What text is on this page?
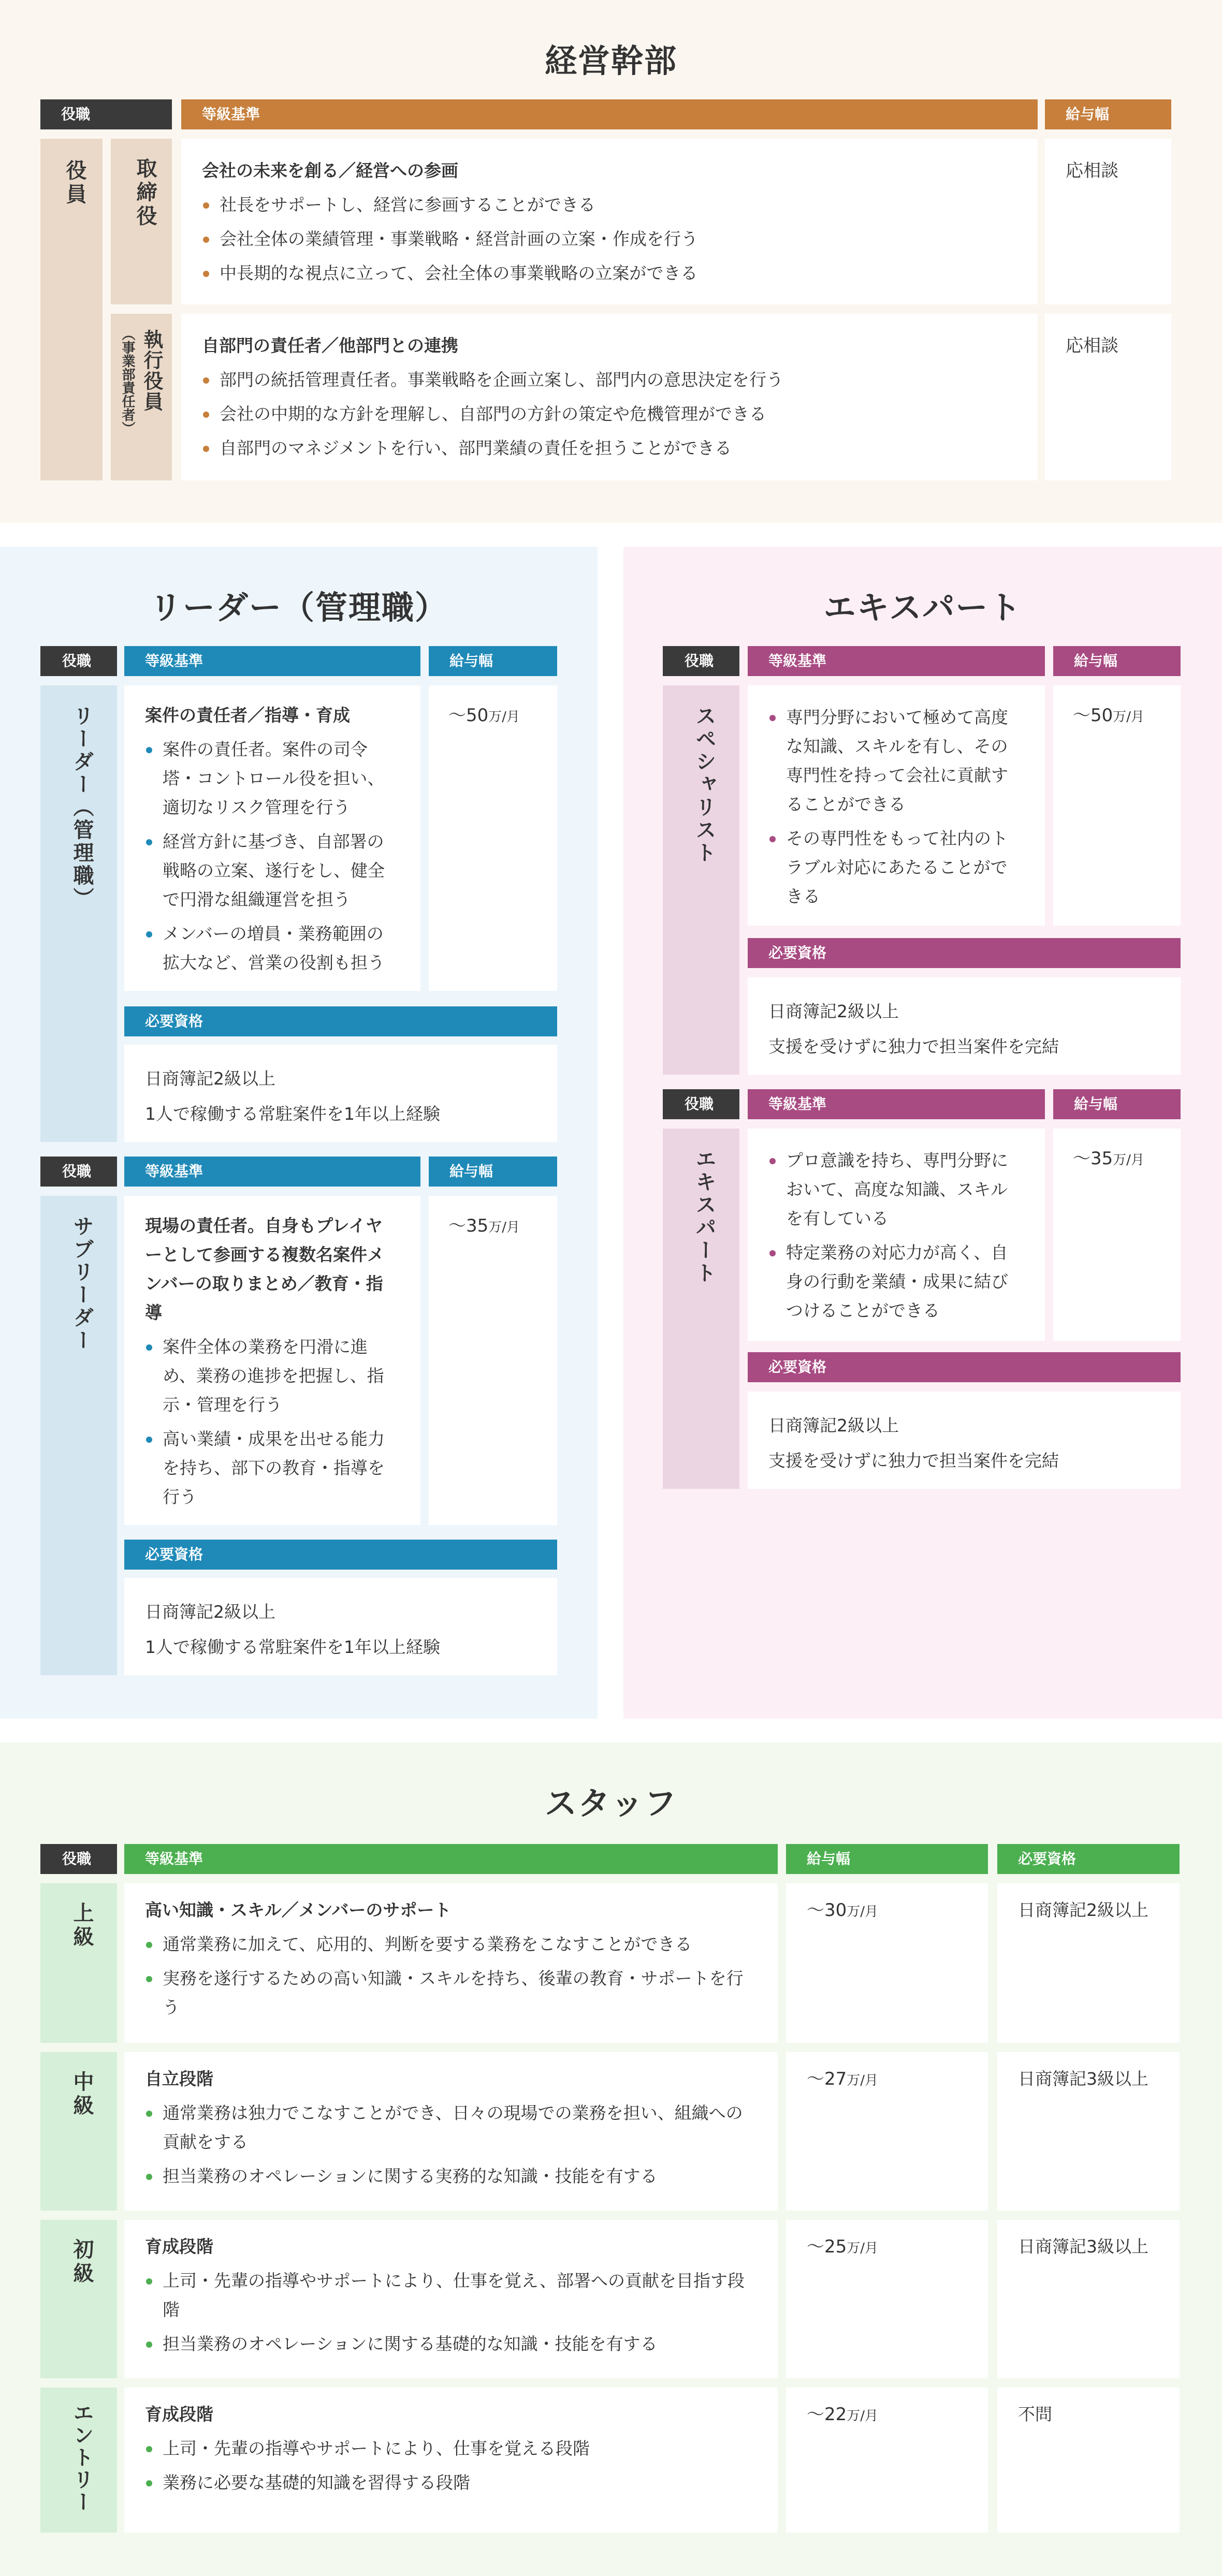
経営幹部
役職	等級基準	給与幅
役員 取締役	会社の未来を創る／経営への参画
社長をサポートし、経営に参画することができる
会社全体の業績管理・事業戦略・経営計画の立案・作成を行う
中長期的な視点に立って、会社全体の事業戦略の立案ができる
応相談
執行役員
（事業部責任者）	自部門の責任者／他部門との連携
部門の統括管理責任者。事業戦略を企画立案し、部門内の意思決定を行う
会社の中期的な方針を理解し、自部門の方針の策定や危機管理ができる
自部門のマネジメントを行い、部門業績の責任を担うことができる
応相談
リーダー（管理職）
役職	等級基準	給与幅
リーダー（管理職）	案件の責任者／指導・育成
案件の責任者。案件の司令塔・コントロール役を担い、適切なリスク管理を行う
経営方針に基づき、自部署の戦略の立案、遂行をし、健全で円滑な組織運営を担う
メンバーの増員・業務範囲の拡大など、営業の役割も担う
〜50万/月
必要資格
日商簿記2級以上
1人で稼働する常駐案件を1年以上経験
役職	等級基準	給与幅
サブリーダー	現場の責任者。自身もプレイヤーとして参画する複数名案件メンバーの取りまとめ／教育・指導
案件全体の業務を円滑に進め、業務の進捗を把握し、指示・管理を行う
高い業績・成果を出せる能力を持ち、部下の教育・指導を行う
〜35万/月
必要資格
日商簿記2級以上
1人で稼働する常駐案件を1年以上経験
エキスパート
役職	等級基準	給与幅
スペシャリスト	専門分野において極めて高度な知識、スキルを有し、その専門性を持って会社に貢献することができる
その専門性をもって社内のトラブル対応にあたることができる
〜50万/月
必要資格
日商簿記2級以上
支援を受けずに独力で担当案件を完結
役職	等級基準	給与幅
エキスパート	プロ意識を持ち、専門分野において、高度な知識、スキルを有している
特定業務の対応力が高く、自身の行動を業績・成果に結びつけることができる
〜35万/月
必要資格
日商簿記2級以上
支援を受けずに独力で担当案件を完結
スタッフ
役職	等級基準	給与幅	必要資格
上級	高い知識・スキル／メンバーのサポート
通常業務に加えて、応用的、判断を要する業務をこなすことができる
実務を遂行するための高い知識・スキルを持ち、後輩の教育・サポートを行う
〜30万/月	日商簿記2級以上
中級	自立段階
通常業務は独力でこなすことができ、日々の現場での業務を担い、組織への貢献をする
担当業務のオペレーションに関する実務的な知識・技能を有する
〜27万/月	日商簿記3級以上
初級	育成段階
上司・先輩の指導やサポートにより、仕事を覚え、部署への貢献を目指す段階
担当業務のオペレーションに関する基礎的な知識・技能を有する
〜25万/月	日商簿記3級以上
エントリー	育成段階
上司・先輩の指導やサポートにより、仕事を覚える段階
業務に必要な基礎的知識を習得する段階
〜22万/月	不問
